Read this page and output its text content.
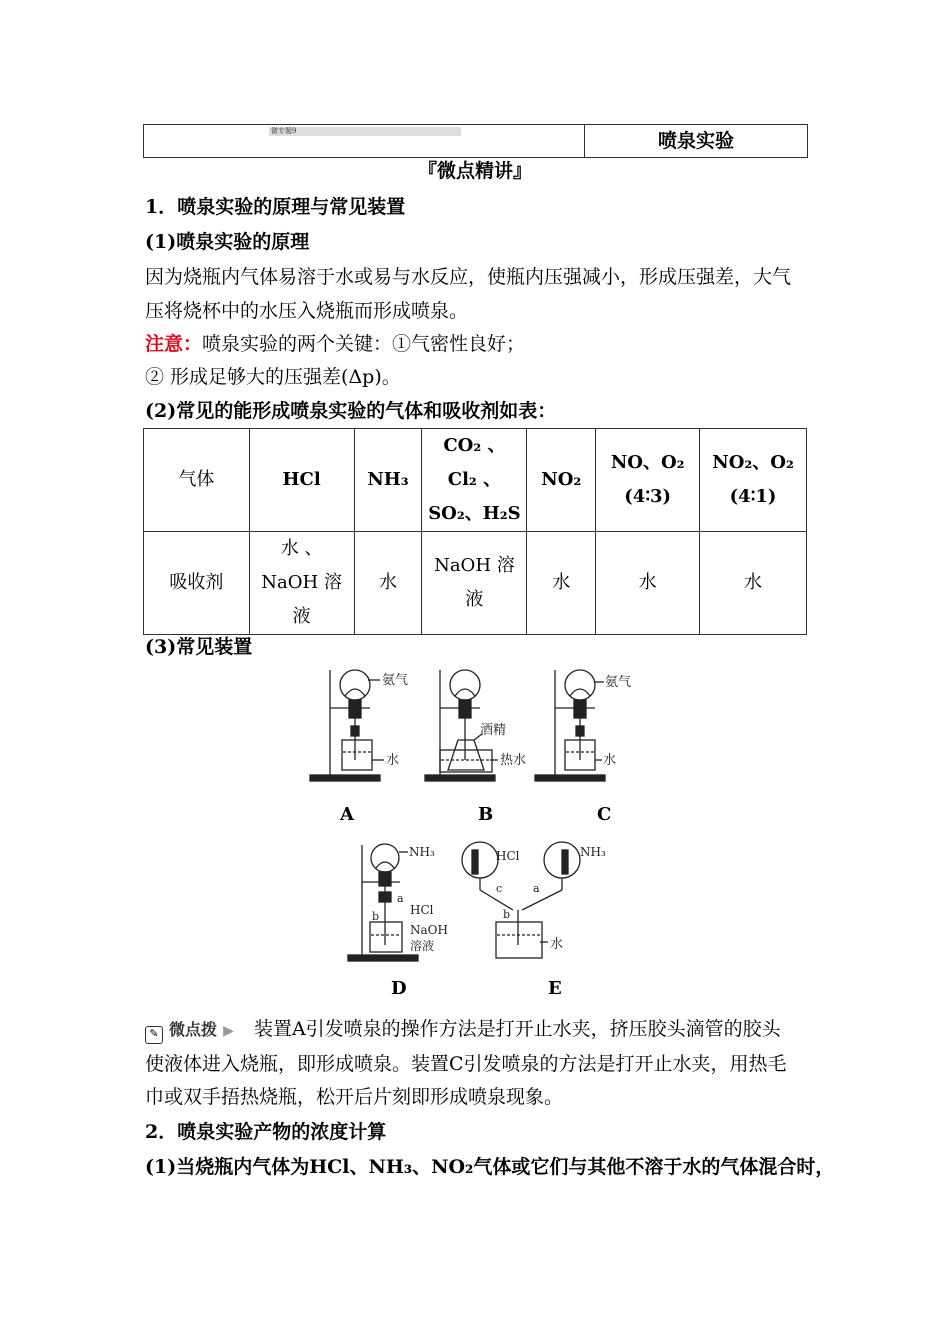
微专题9	喷泉实验
『微点精讲』
1．喷泉实验的原理与常见装置
(1)喷泉实验的原理
因为烧瓶内气体易溶于水或易与水反应，使瓶内压强减小，形成压强差，大气
压将烧杯中的水压入烧瓶而形成喷泉。
注意：喷泉实验的两个关键：①气密性良好；
② 形成足够大的压强差(Δp)。
(2)常见的能形成喷泉实验的气体和吸收剂如表：
气体	HCl	NH₃	CO₂ 、 Cl₂ 、 SO₂、H₂S	NO₂	NO、O₂ (4∶3)	NO₂、O₂ (4∶1)
吸收剂	水 、 NaOH 溶液	水	NaOH 溶液	水	水	水
(3)常见装置
氨气
水
酒精
热水
氨气
水
NH₃
a
b	HCl
NaOH
溶液
HCl	NH₃
c	a
b
水
A	B	C
D	E
✎ 微点拨 ▶ 装置A引发喷泉的操作方法是打开止水夹，挤压胶头滴管的胶头
使液体进入烧瓶，即形成喷泉。装置C引发喷泉的方法是打开止水夹，用热毛
巾或双手捂热烧瓶，松开后片刻即形成喷泉现象。
2．喷泉实验产物的浓度计算
(1)当烧瓶内气体为HCl、NH₃、NO₂气体或它们与其他不溶于水的气体混合时，
